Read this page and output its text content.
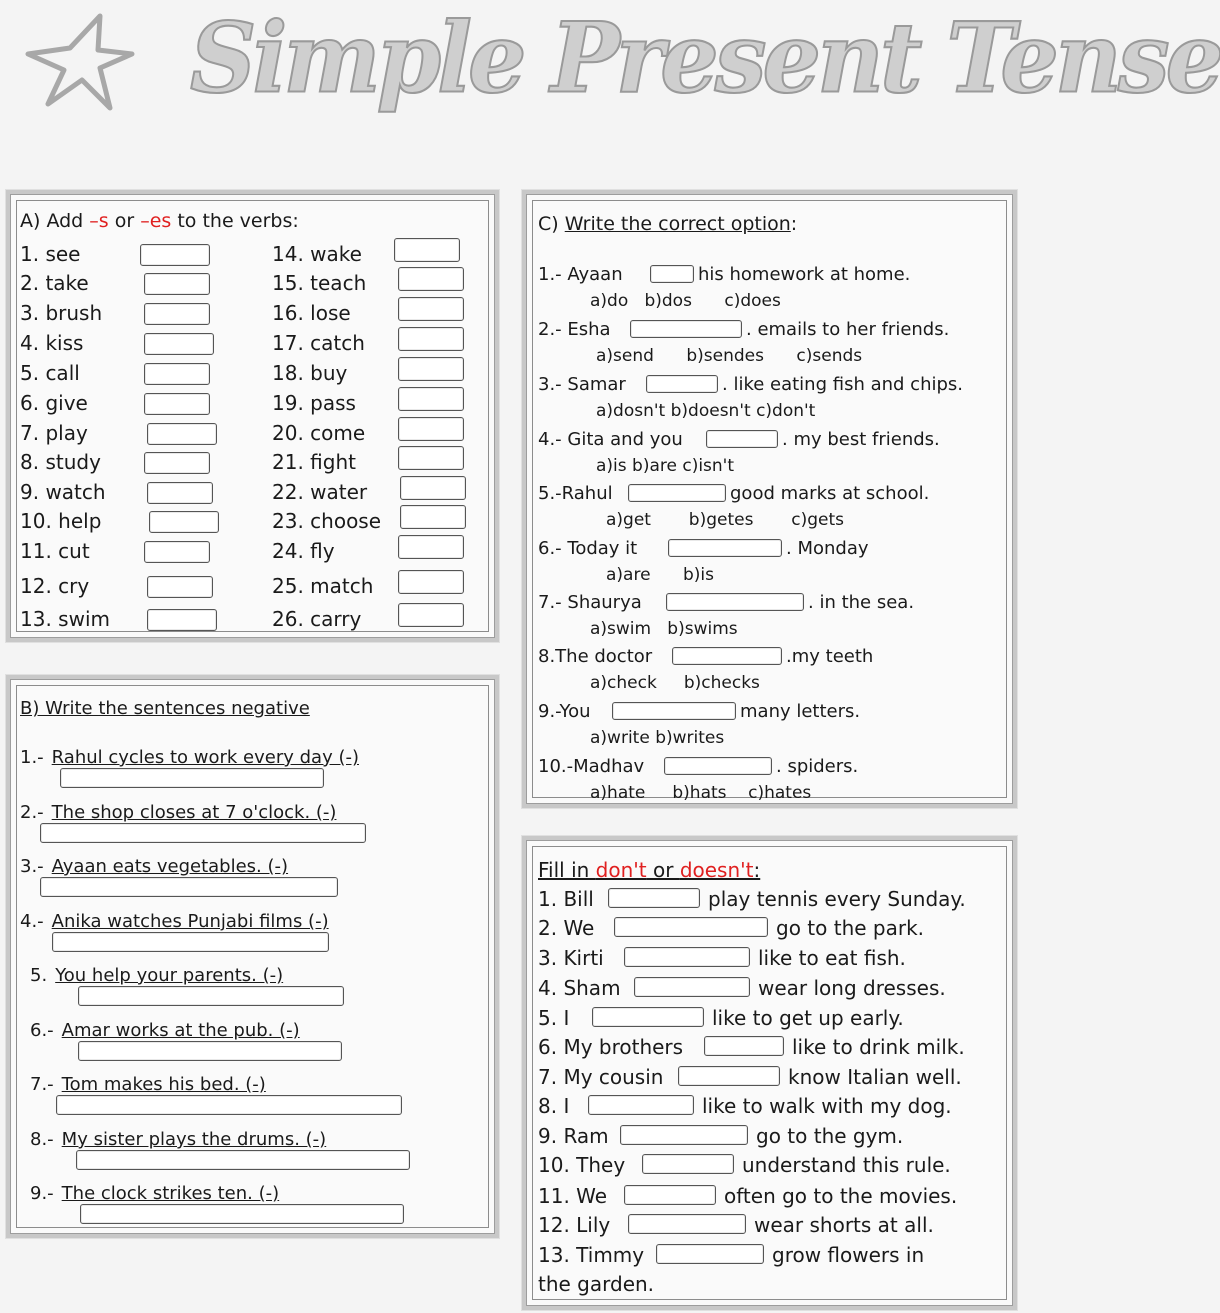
Simple Present Tense
A) Add –s or –es to the verbs:
1. see
2. take
3. brush
4. kiss
5. call
6. give
7. play
8. study
9. watch
10. help
11. cut
12. cry
13. swim
14. wake
15. teach
16. lose
17. catch
18. buy
19. pass
20. come
21. fight
22. water
23. choose
24. fly
25. match
26. carry
B) Write the sentences negative
1.- Rahul cycles to work every day (-)
2.- The shop closes at 7 o'clock. (-)
3.- Ayaan eats vegetables. (-)
4.- Anika watches Punjabi films (-)
5. You help your parents. (-)
6.- Amar works at the pub. (-)
7.- Tom makes his bed. (-)
8.- My sister plays the drums. (-)
9.- The clock strikes ten. (-)
C) Write the correct option:
1.- Ayaan	his homework at home.
a)do   b)dos      c)does
2.- Esha	. emails to her friends.
a)send      b)sendes      c)sends
3.- Samar	. like eating fish and chips.
a)dosn't b)doesn't c)don't
4.- Gita and you	. my best friends.
a)is b)are c)isn't
5.-Rahul	good marks at school.
a)get       b)getes       c)gets
6.- Today it	. Monday
a)are      b)is
7.- Shaurya	. in the sea.
a)swim   b)swims
8.The doctor	.my teeth
a)check     b)checks
9.-You	many letters.
a)write b)writes
10.-Madhav	. spiders.
a)hate     b)hats    c)hates
Fill in don't or doesn't:
1. Bill	play tennis every Sunday.
2. We	go to the park.
3. Kirti	like to eat fish.
4. Sham	wear long dresses.
5. I	like to get up early.
6. My brothers	like to drink milk.
7. My cousin	know Italian well.
8. I	like to walk with my dog.
9. Ram	go to the gym.
10. They	understand this rule.
11. We	often go to the movies.
12. Lily	wear shorts at all.
13. Timmy	grow flowers in
the garden.
